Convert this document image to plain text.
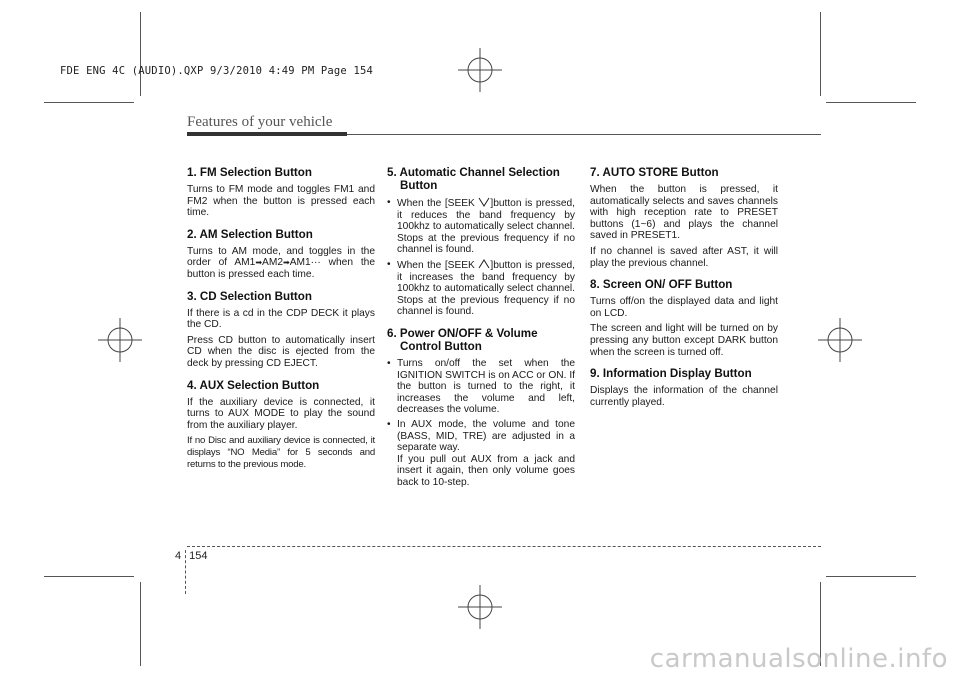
FDE ENG 4C (AUDIO).QXP 9/3/2010 4:49 PM Page 154
Features of your vehicle
1. FM Selection Button
Turns to FM mode and toggles FM1 and FM2 when the button is pressed each time.
2. AM Selection Button
Turns to AM mode, and toggles in the order of AM1➡AM2➡AM1··· when the button is pressed each time.
3. CD Selection Button
If there is a cd in the CDP DECK it plays the CD.
Press CD button to automatically insert CD when the disc is ejected from the deck by pressing CD EJECT.
4. AUX Selection Button
If the auxiliary device is connected, it turns to AUX MODE to play the sound from the auxiliary player.
If no Disc and auxiliary device is connected, it displays “NO Media” for 5 seconds and returns to the previous mode.
5. Automatic Channel Selection
Button
• When the [SEEK ]button is pressed, it reduces the band frequency by 100khz to automatically select channel. Stops at the previous frequency if no channel is found.
• When the [SEEK ]button is pressed, it increases the band frequency by 100khz to automatically select channel. Stops at the previous frequency if no channel is found.
6. Power ON/OFF & Volume
Control Button
• Turns on/off the set when the IGNITION SWITCH is on ACC or ON. If the button is turned to the right, it increases the volume and left, decreases the volume.
• In AUX mode, the volume and tone (BASS, MID, TRE) are adjusted in a separate way.
If you pull out AUX from a jack and insert it again, then only volume goes back to 10-step.
7. AUTO STORE Button
When the button is pressed, it automatically selects and saves channels with high reception rate to PRESET buttons (1~6) and plays the channel saved in PRESET1.
If no channel is saved after AST, it will play the previous channel.
8. Screen ON/ OFF Button
Turns off/on the displayed data and light on LCD.
The screen and light will be turned on by pressing any button except DARK button when the screen is turned off.
9. Information Display Button
Displays the information of the channel currently played.
4 154
carmanualsonline.info
